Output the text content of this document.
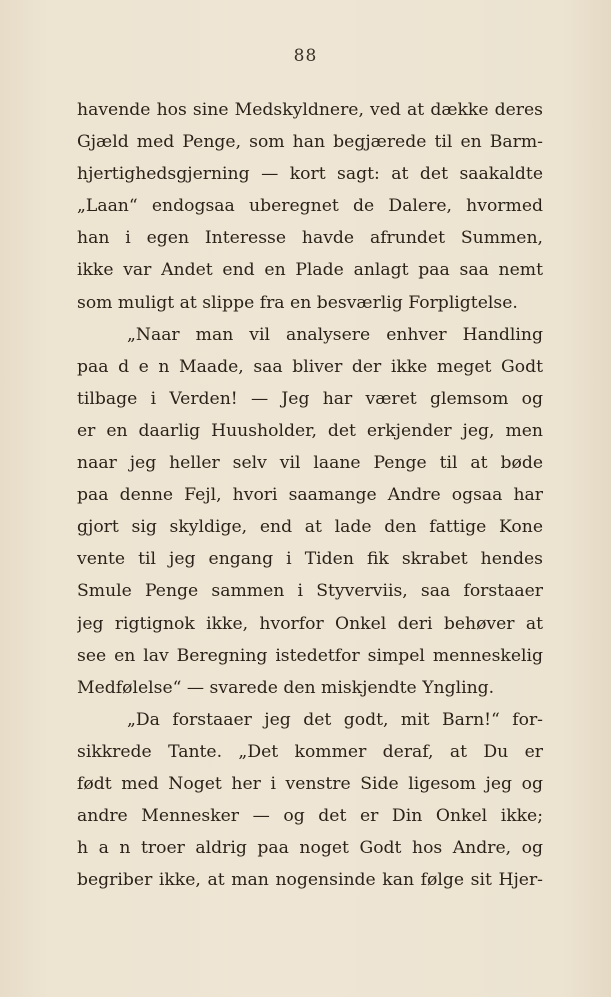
88
havende hos sine Medskyldnere, ved at dække deres
Gjæld med Penge, som han begjærede til en Barm-
hjertighedsgjerning — kort sagt: at det saakaldte
„Laan“ endogsaa uberegnet de Dalere, hvormed
han i egen Interesse havde afrundet Summen,
ikke var Andet end en Plade anlagt paa saa nemt
som muligt at slippe fra en besværlig Forpligtelse.
„Naar man vil analysere enhver Handling
paa d e n Maade, saa bliver der ikke meget Godt
tilbage i Verden! — Jeg har været glemsom og
er en daarlig Huusholder, det erkjender jeg, men
naar jeg heller selv vil laane Penge til at bøde
paa denne Fejl, hvori saamange Andre ogsaa har
gjort sig skyldige, end at lade den fattige Kone
vente til jeg engang i Tiden fik skrabet hendes
Smule Penge sammen i Styverviis, saa forstaaer
jeg rigtignok ikke, hvorfor Onkel deri behøver at
see en lav Beregning istedetfor simpel menneskelig
Medfølelse“ — svarede den miskjendte Yngling.
„Da forstaaer jeg det godt, mit Barn!“ for-
sikkrede Tante. „Det kommer deraf, at Du er
født med Noget her i venstre Side ligesom jeg og
andre Mennesker — og det er Din Onkel ikke;
h a n troer aldrig paa noget Godt hos Andre, og
begriber ikke, at man nogensinde kan følge sit Hjer-
